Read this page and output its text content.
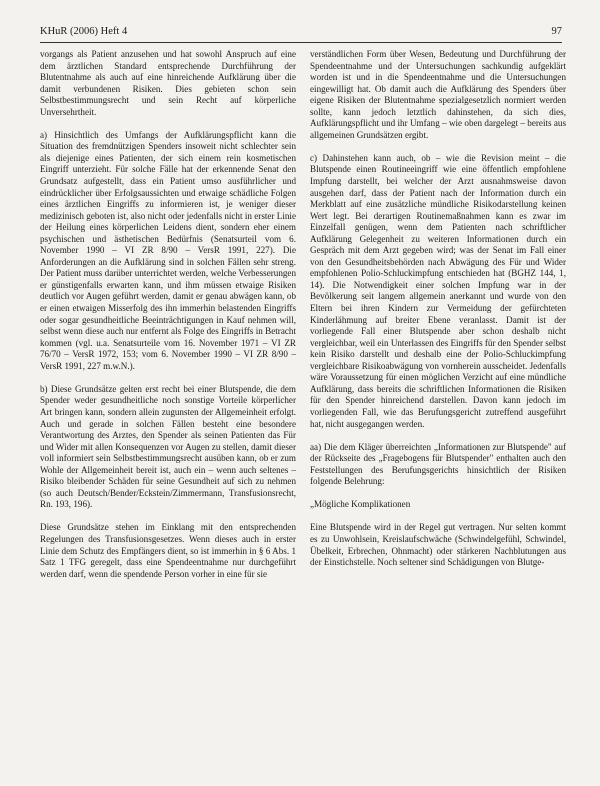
KHuR (2006) Heft 4	97

vorgangs als Patient anzusehen und hat sowohl Anspruch auf eine dem ärztlichen Standard entsprechende Durchführung der Blutentnahme als auch auf eine hinreichende Aufklärung über die damit verbundenen Risiken. Dies gebieten schon sein Selbstbestimmungsrecht und sein Recht auf körperliche Unversehrtheit.

a) Hinsichtlich des Umfangs der Aufklärungspflicht kann die Situation des fremdnützigen Spenders insoweit nicht schlechter sein als diejenige eines Patienten, der sich einem rein kosmetischen Eingriff unterzieht. Für solche Fälle hat der erkennende Senat den Grundsatz aufgestellt, dass ein Patient umso ausführlicher und eindrücklicher über Erfolgsaussichten und etwaige schädliche Folgen eines ärztlichen Eingriffs zu informieren ist, je weniger dieser medizinisch geboten ist, also nicht oder jedenfalls nicht in erster Linie der Heilung eines körperlichen Leidens dient, sondern eher einem psychischen und ästhetischen Bedürfnis (Senatsurteil vom 6. November 1990 – VI ZR 8/90 – VersR 1991, 227). Die Anforderungen an die Aufklärung sind in solchen Fällen sehr streng. Der Patient muss darüber unterrichtet werden, welche Verbesserungen er günstigenfalls erwarten kann, und ihm müssen etwaige Risiken deutlich vor Augen geführt werden, damit er genau abwägen kann, ob er einen etwaigen Misserfolg des ihn immerhin belastenden Eingriffs oder sogar gesundheitliche Beeinträchtigungen in Kauf nehmen will, selbst wenn diese auch nur entfernt als Folge des Eingriffs in Betracht kommen (vgl. u.a. Senatsurteile vom 16. November 1971 – VI ZR 76/70 – VersR 1972, 153; vom 6. November 1990 – VI ZR 8/90 – VersR 1991, 227 m.w.N.).

b) Diese Grundsätze gelten erst recht bei einer Blutspende, die dem Spender weder gesundheitliche noch sonstige Vorteile körperlicher Art bringen kann, sondern allein zugunsten der Allgemeinheit erfolgt. Auch und gerade in solchen Fällen besteht eine besondere Verantwortung des Arztes, den Spender als seinen Patienten das Für und Wider mit allen Konsequenzen vor Augen zu stellen, damit dieser voll informiert sein Selbstbestimmungsrecht ausüben kann, ob er zum Wohle der Allgemeinheit bereit ist, auch ein – wenn auch seltenes – Risiko bleibender Schäden für seine Gesundheit auf sich zu nehmen (so auch Deutsch/Bender/Eckstein/Zimmermann, Transfusionsrecht, Rn. 193, 196).

Diese Grundsätze stehen im Einklang mit den entsprechenden Regelungen des Transfusionsgesetzes. Wenn dieses auch in erster Linie dem Schutz des Empfängers dient, so ist immerhin in § 6 Abs. 1 Satz 1 TFG geregelt, dass eine Spendeentnahme nur durchgeführt werden darf, wenn die spendende Person vorher in eine für sie

verständlichen Form über Wesen, Bedeutung und Durchführung der Spendeentnahme und der Untersuchungen sachkundig aufgeklärt worden ist und in die Spendeentnahme und die Untersuchungen eingewilligt hat. Ob damit auch die Aufklärung des Spenders über eigene Risiken der Blutentnahme spezialgesetzlich normiert werden sollte, kann jedoch letztlich dahinstehen, da sich dies, Aufklärungspflicht und ihr Umfang – wie oben dargelegt – bereits aus allgemeinen Grundsätzen ergibt.

c) Dahinstehen kann auch, ob – wie die Revision meint – die Blutspende einen Routineeingriff wie eine öffentlich empfohlene Impfung darstellt, bei welcher der Arzt ausnahmsweise davon ausgehen darf, dass der Patient nach der Information durch ein Merkblatt auf eine zusätzliche mündliche Risikodarstellung keinen Wert legt. Bei derartigen Routinemaßnahmen kann es zwar im Einzelfall genügen, wenn dem Patienten nach schriftlicher Aufklärung Gelegenheit zu weiteren Informationen durch ein Gespräch mit dem Arzt gegeben wird; was der Senat im Fall einer von den Gesundheitsbehörden nach Abwägung des Für und Wider empfohlenen Polio-Schluckimpfung entschieden hat (BGHZ 144, 1, 14). Die Notwendigkeit einer solchen Impfung war in der Bevölkerung seit langem allgemein anerkannt und wurde von den Eltern bei ihren Kindern zur Vermeidung der gefürchteten Kinderlähmung auf breiter Ebene veranlasst. Damit ist der vorliegende Fall einer Blutspende aber schon deshalb nicht vergleichbar, weil ein Unterlassen des Eingriffs für den Spender selbst kein Risiko darstellt und deshalb eine der Polio-Schluckimpfung vergleichbare Risikoabwägung von vornherein ausscheidet. Jedenfalls wäre Voraussetzung für einen möglichen Verzicht auf eine mündliche Aufklärung, dass bereits die schriftlichen Informationen die Risiken für den Spender hinreichend darstellen. Davon kann jedoch im vorliegenden Fall, wie das Berufungsgericht zutreffend ausgeführt hat, nicht ausgegangen werden.

aa) Die dem Kläger überreichten „Informationen zur Blutspende" auf der Rückseite des „Fragebogens für Blutspender" enthalten auch den Feststellungen des Berufungsgerichts hinsichtlich der Risiken folgende Belehrung:

„Mögliche Komplikationen

Eine Blutspende wird in der Regel gut vertragen. Nur selten kommt es zu Unwohlsein, Kreislaufschwäche (Schwindelgefühl, Schwindel, Übelkeit, Erbrechen, Ohnmacht) oder stärkeren Nachblutungen aus der Einstichstelle. Noch seltener sind Schädigungen von Blutge-
